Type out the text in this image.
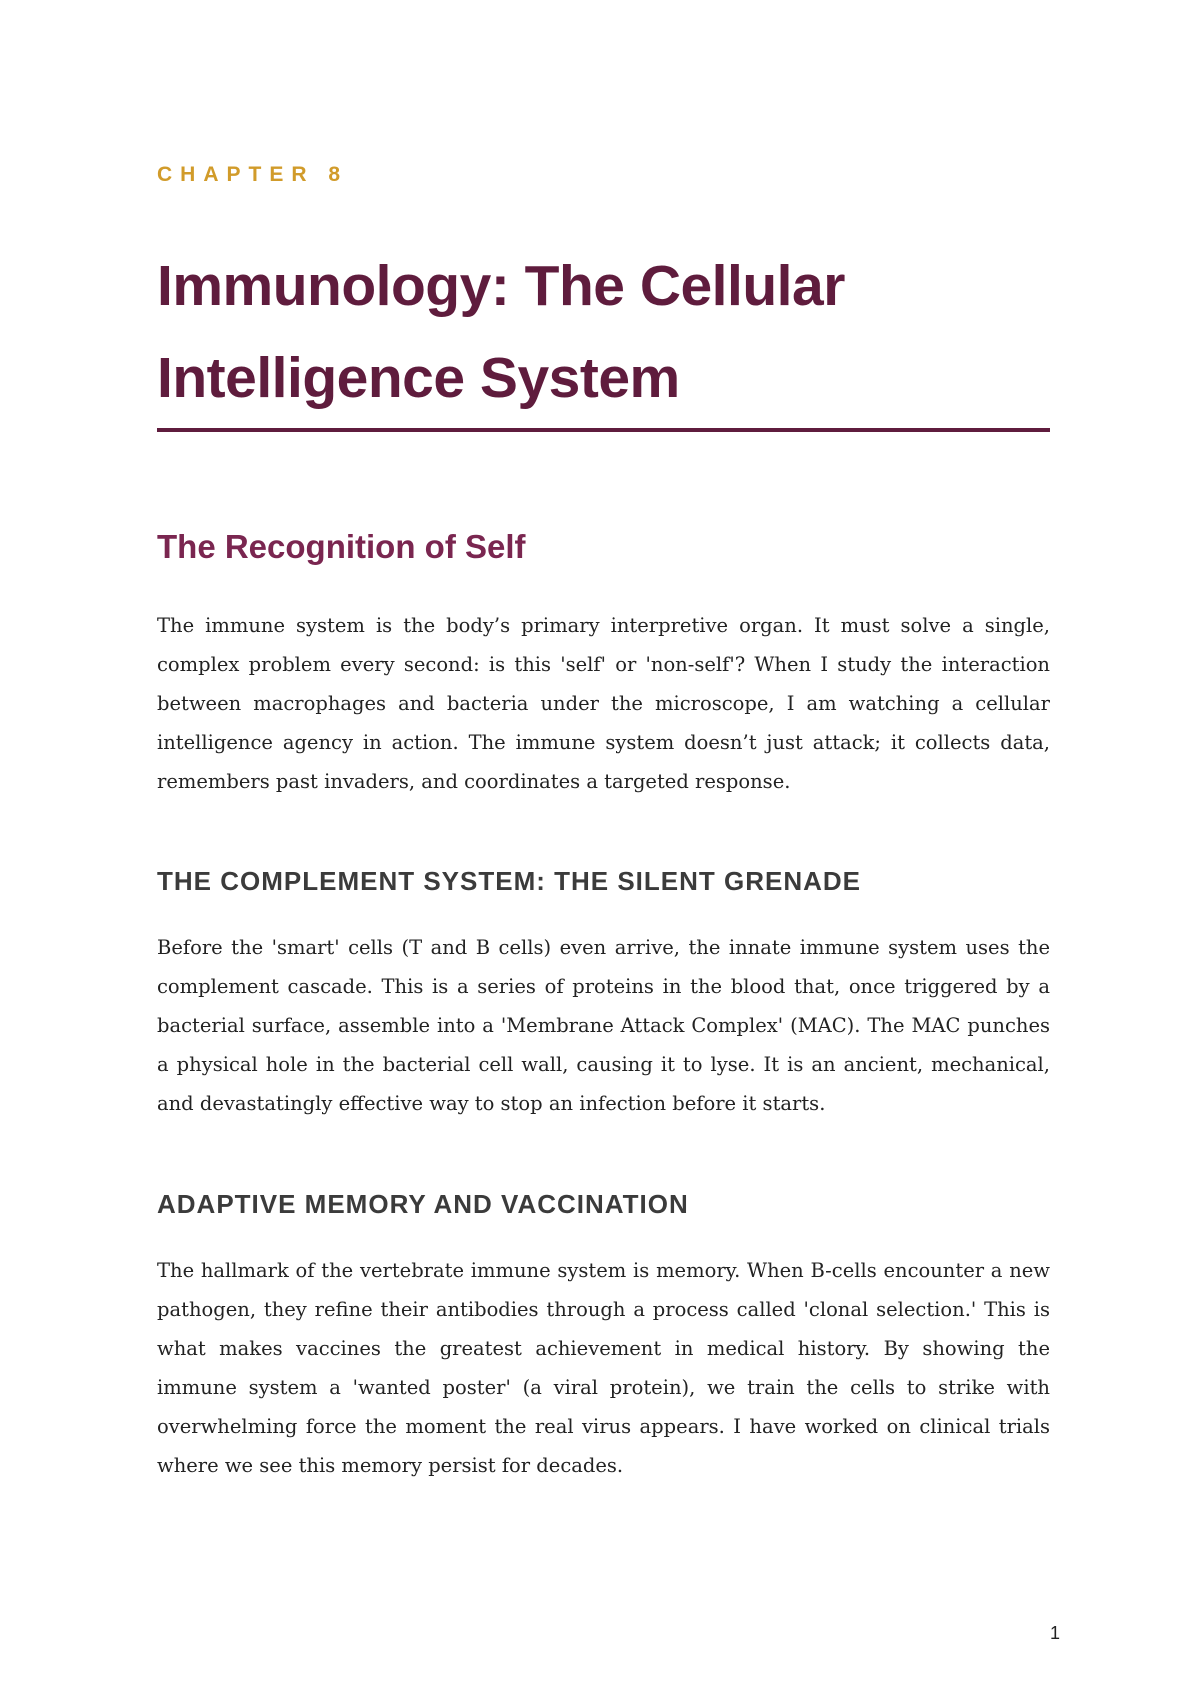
CHAPTER 8
Immunology: The Cellular Intelligence System
The Recognition of Self

The immune system is the body’s primary interpretive organ. It must solve a single, complex problem every second: is this 'self' or 'non-self'? When I study the interaction between macrophages and bacteria under the microscope, I am watching a cellular intelligence agency in action. The immune system doesn’t just attack; it collects data, remembers past invaders, and coordinates a targeted response.

THE COMPLEMENT SYSTEM: THE SILENT GRENADE

Before the 'smart' cells (T and B cells) even arrive, the innate immune system uses the complement cascade. This is a series of proteins in the blood that, once triggered by a bacterial surface, assemble into a 'Membrane Attack Complex' (MAC). The MAC punches a physical hole in the bacterial cell wall, causing it to lyse. It is an ancient, mechanical, and devastatingly effective way to stop an infection before it starts.

ADAPTIVE MEMORY AND VACCINATION

The hallmark of the vertebrate immune system is memory. When B-cells encounter a new pathogen, they refine their antibodies through a process called 'clonal selection.' This is what makes vaccines the greatest achievement in medical history. By showing the immune system a 'wanted poster' (a viral protein), we train the cells to strike with overwhelming force the moment the real virus appears. I have worked on clinical trials where we see this memory persist for decades.

1
